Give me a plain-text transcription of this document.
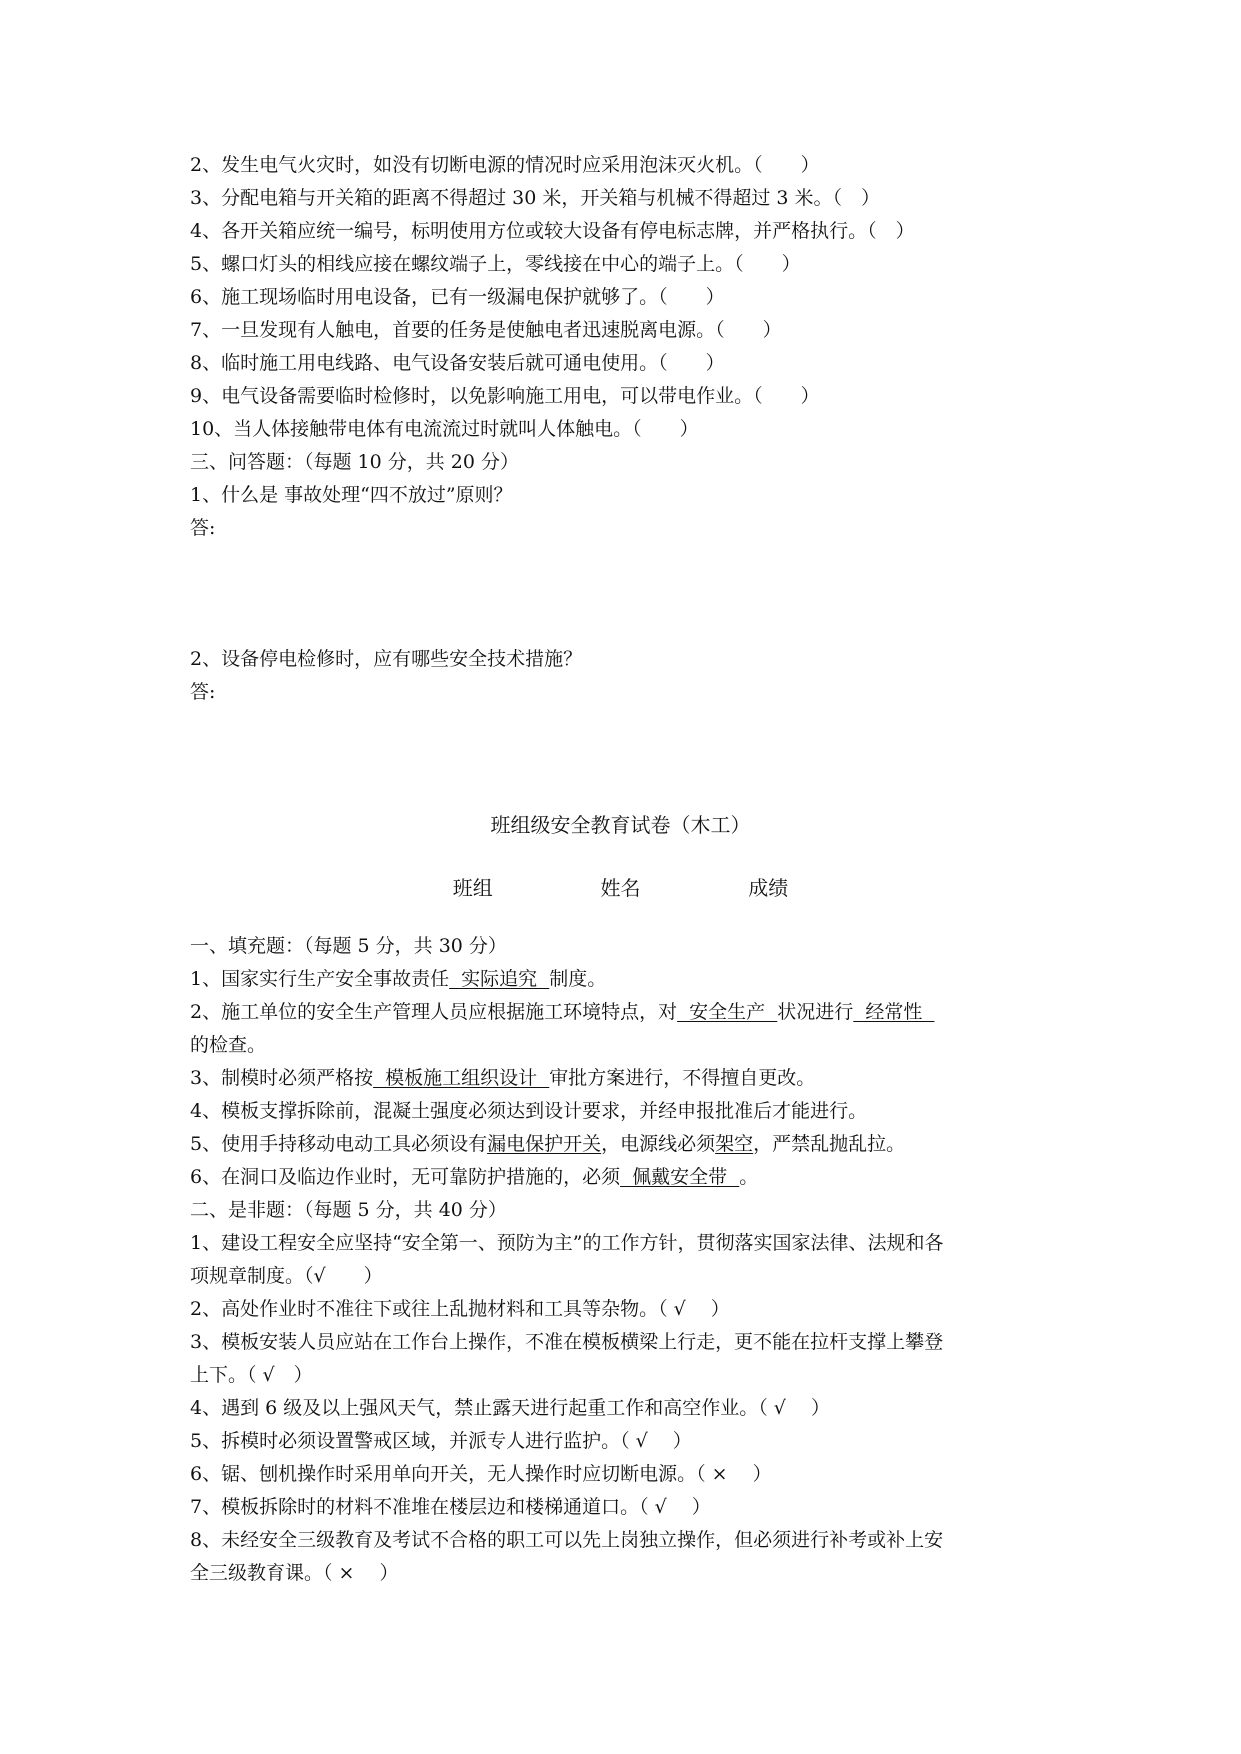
2、发生电气火灾时，如没有切断电源的情况时应采用泡沫灭火机。（　　）
3、分配电箱与开关箱的距离不得超过 30 米，开关箱与机械不得超过 3 米。（　）
4、各开关箱应统一编号，标明使用方位或较大设备有停电标志牌，并严格执行。（　）
5、螺口灯头的相线应接在螺纹端子上，零线接在中心的端子上。（　　）
6、施工现场临时用电设备，已有一级漏电保护就够了。（　　）
7、一旦发现有人触电，首要的任务是使触电者迅速脱离电源。（　　）
8、临时施工用电线路、电气设备安装后就可通电使用。（　　）
9、电气设备需要临时检修时，以免影响施工用电，可以带电作业。（　　）
10、当人体接触带电体有电流流过时就叫人体触电。（　　）
三、问答题：（每题 10 分，共 20 分）
1、什么是 事故处理“四不放过”原则？
答:
2、设备停电检修时，应有哪些安全技术措施？
答:
班组级安全教育试卷（木工）
班组	姓名	成绩
一、填充题：（每题 5 分，共 30 分）
1、国家实行生产安全事故责任  实际追究  制度。
2、施工单位的安全生产管理人员应根据施工环境特点，对  安全生产  状况进行  经常性
的检查。
3、制模时必须严格按  模板施工组织设计  审批方案进行，不得擅自更改。
4、模板支撑拆除前，混凝土强度必须达到设计要求，并经申报批准后才能进行。
5、使用手持移动电动工具必须设有漏电保护开关，电源线必须架空，严禁乱抛乱拉。
6、在洞口及临边作业时，无可靠防护措施的，必须  佩戴安全带  。
二、是非题：（每题 5 分，共 40 分）
1、建设工程安全应坚持“安全第一、预防为主”的工作方针，贯彻落实国家法律、法规和各
项规章制度。（√　　）
2、高处作业时不准往下或往上乱抛材料和工具等杂物。（ √　 ）
3、模板安装人员应站在工作台上操作，不准在模板横梁上行走，更不能在拉杆支撑上攀登
上下。（ √　）
4、遇到 6 级及以上强风天气，禁止露天进行起重工作和高空作业。（ √　 ）
5、拆模时必须设置警戒区域，并派专人进行监护。（ √　 ）
6、锯、刨机操作时采用单向开关，无人操作时应切断电源。（ ×　 ）
7、模板拆除时的材料不准堆在楼层边和楼梯通道口。（ √　 ）
8、未经安全三级教育及考试不合格的职工可以先上岗独立操作，但必须进行补考或补上安
全三级教育课。（ ×　 ）
